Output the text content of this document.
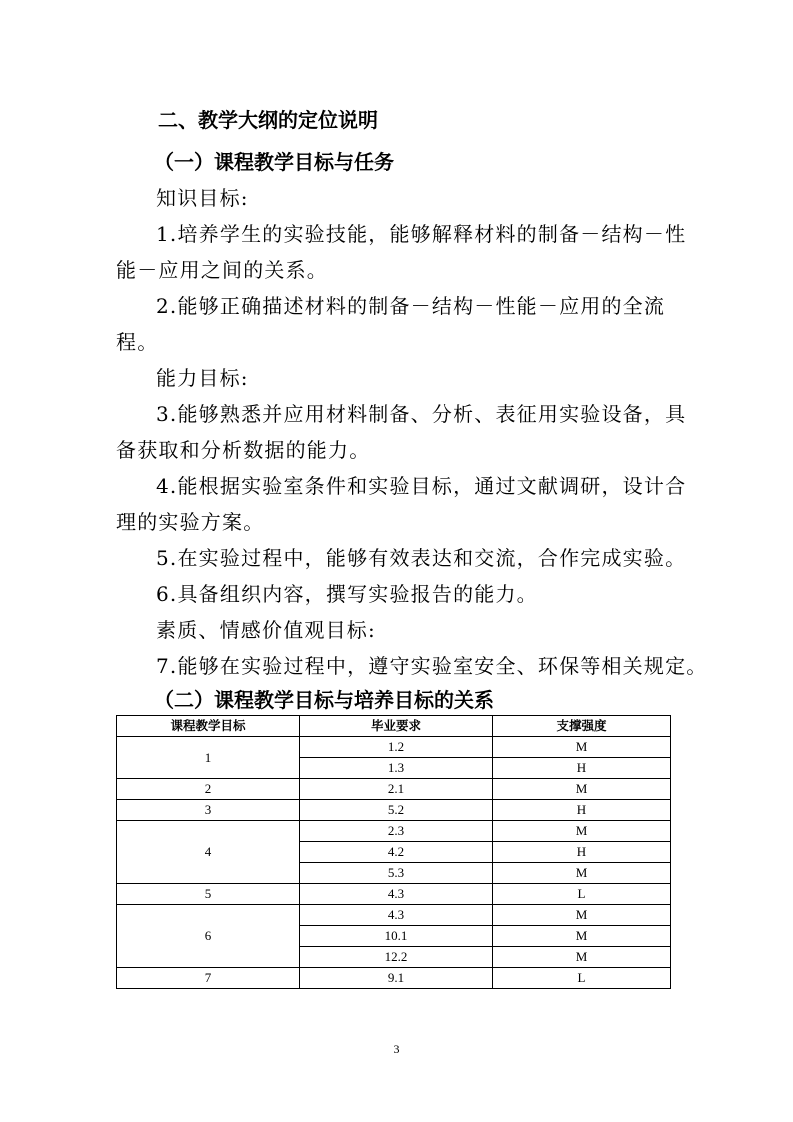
二、教学大纲的定位说明
（一）课程教学目标与任务
知识目标:
1.培养学生的实验技能，能够解释材料的制备－结构－性
能－应用之间的关系。
2.能够正确描述材料的制备－结构－性能－应用的全流
程。
能力目标:
3.能够熟悉并应用材料制备、分析、表征用实验设备，具
备获取和分析数据的能力。
4.能根据实验室条件和实验目标，通过文献调研，设计合
理的实验方案。
5.在实验过程中，能够有效表达和交流，合作完成实验。
6.具备组织内容，撰写实验报告的能力。
素质、情感价值观目标:
7.能够在实验过程中，遵守实验室安全、环保等相关规定。
（二）课程教学目标与培养目标的关系
课程教学目标	毕业要求	支撑强度
1	1.2	M
	1.3	H
2	2.1	M
3	5.2	H
4	2.3	M
	4.2	H
	5.3	M
5	4.3	L
6	4.3	M
	10.1	M
	12.2	M
7	9.1	L
3
